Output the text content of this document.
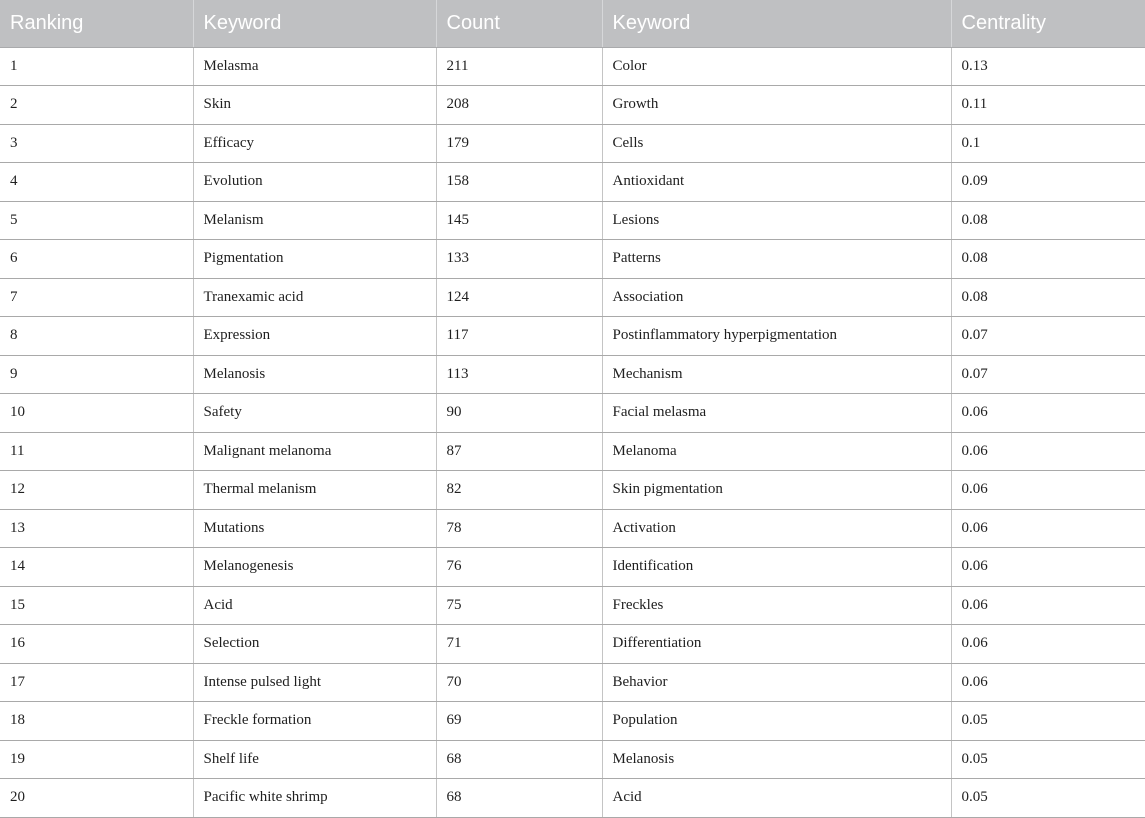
Ranking	Keyword	Count	Keyword	Centrality
1	Melasma	211	Color	0.13
2	Skin	208	Growth	0.11
3	Efficacy	179	Cells	0.1
4	Evolution	158	Antioxidant	0.09
5	Melanism	145	Lesions	0.08
6	Pigmentation	133	Patterns	0.08
7	Tranexamic acid	124	Association	0.08
8	Expression	117	Postinflammatory hyperpigmentation	0.07
9	Melanosis	113	Mechanism	0.07
10	Safety	90	Facial melasma	0.06
11	Malignant melanoma	87	Melanoma	0.06
12	Thermal melanism	82	Skin pigmentation	0.06
13	Mutations	78	Activation	0.06
14	Melanogenesis	76	Identification	0.06
15	Acid	75	Freckles	0.06
16	Selection	71	Differentiation	0.06
17	Intense pulsed light	70	Behavior	0.06
18	Freckle formation	69	Population	0.05
19	Shelf life	68	Melanosis	0.05
20	Pacific white shrimp	68	Acid	0.05
